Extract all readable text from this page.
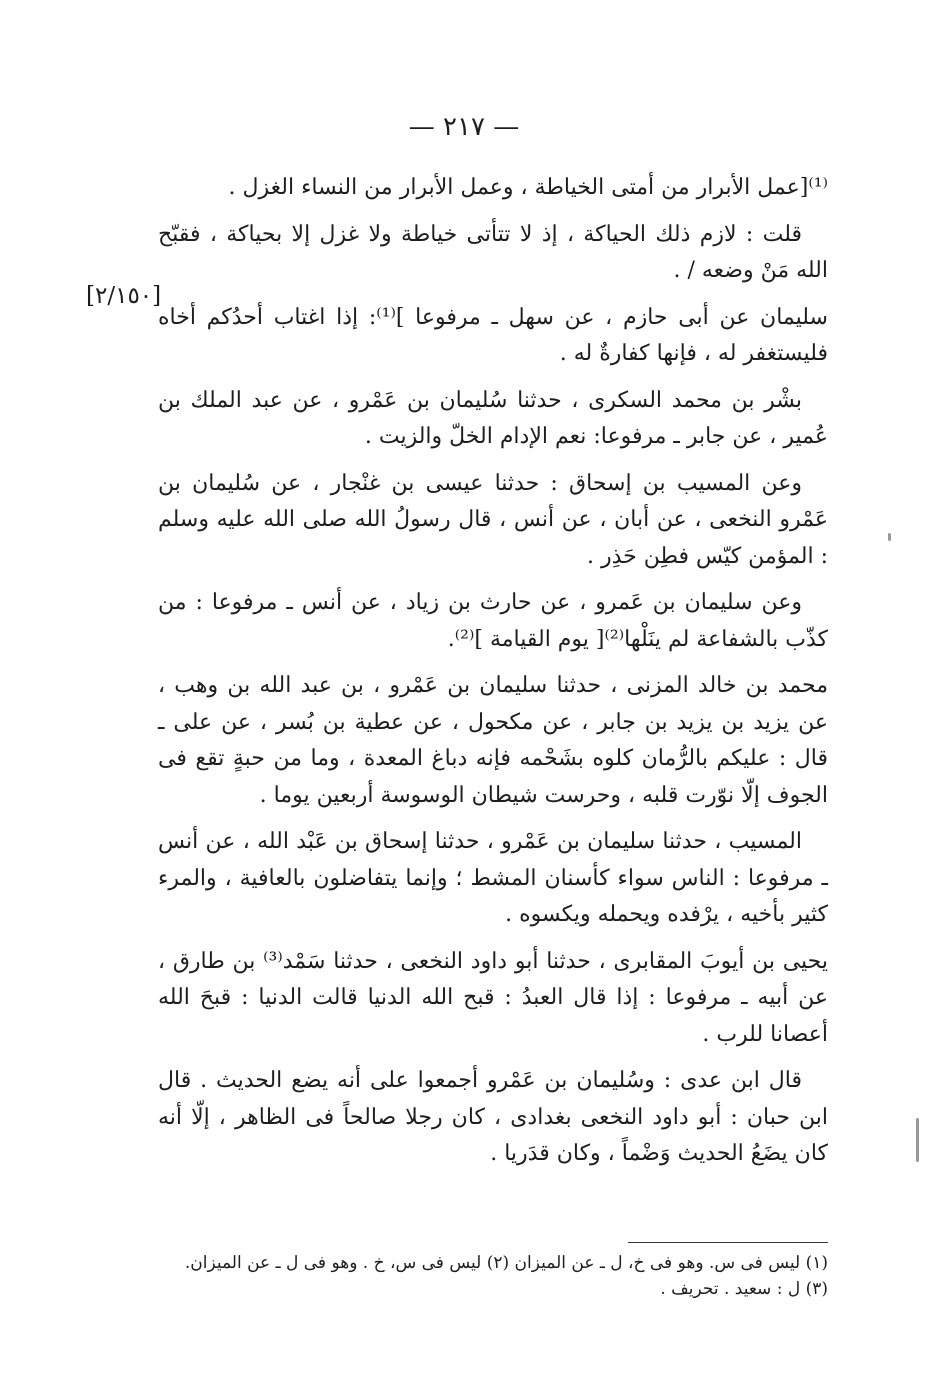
— ٢١٧ —
[٢/١٥٠]

⁽¹⁾[عمل الأبرار من أمتى الخياطة ، وعمل الأبرار من النساء الغزل .

قلت : لازم ذلك الحياكة ، إذ لا تتأتى خياطة ولا غزل إلا بحياكة ، فقبّح الله مَنْ وضعه / .

سليمان عن أبى حازم ، عن سهل ـ مرفوعا ]⁽¹⁾: إذا اغتاب أحدُكم أخاه فليستغفر له ، فإنها كفارةٌ له .

بشْر بن محمد السكرى ، حدثنا سُليمان بن عَمْرو ، عن عبد الملك بن عُمير ، عن جابر ـ مرفوعا: نعم الإدام الخلّ والزيت .

وعن المسيب بن إسحاق : حدثنا عيسى بن غنْجار ، عن سُليمان بن عَمْرو النخعى ، عن أبان ، عن أنس ، قال رسولُ الله صلى الله عليه وسلم : المؤمن كيّس فطِن حَذِر .

وعن سليمان بن عَمرو ، عن حارث بن زياد ، عن أنس ـ مرفوعا : من كذّب بالشفاعة لم ينَلْها⁽²⁾[ يوم القيامة ]⁽²⁾.

محمد بن خالد المزنى ، حدثنا سليمان بن عَمْرو ، بن عبد الله بن وهب ، عن يزيد بن يزيد بن جابر ، عن مكحول ، عن عطية بن بُسر ، عن على ـ قال : عليكم بالرُّمان كلوه بشَحْمه فإنه دباغ المعدة ، وما من حبةٍ تقع فى الجوف إلّا نوّرت قلبه ، وحرست شيطان الوسوسة أربعين يوما .

المسيب ، حدثنا سليمان بن عَمْرو ، حدثنا إسحاق بن عَبْد الله ، عن أنس ـ مرفوعا : الناس سواء كأسنان المشط ؛ وإنما يتفاضلون بالعافية ، والمرء كثير بأخيه ، يرْفده ويحمله ويكسوه .

يحيى بن أيوبَ المقابرى ، حدثنا أبو داود النخعى ، حدثنا سَمْد⁽³⁾ بن طارق ، عن أبيه ـ مرفوعا : إذا قال العبدُ : قبح الله الدنيا قالت الدنيا : قبحَ الله أعصانا للرب .

قال ابن عدى : وسُليمان بن عَمْرو أجمعوا على أنه يضع الحديث . قال ابن حبان : أبو داود النخعى بغدادى ، كان رجلا صالحاً فى الظاهر ، إلّا أنه كان يضَعُ الحديث وَضْماً ، وكان قدَريا .

(١) ليس فى س. وهو فى خ، ل ـ عن الميزان (٢) ليس فى س، خ . وهو فى ل ـ عن الميزان.

(٣) ل : سعيد . تحريف .
